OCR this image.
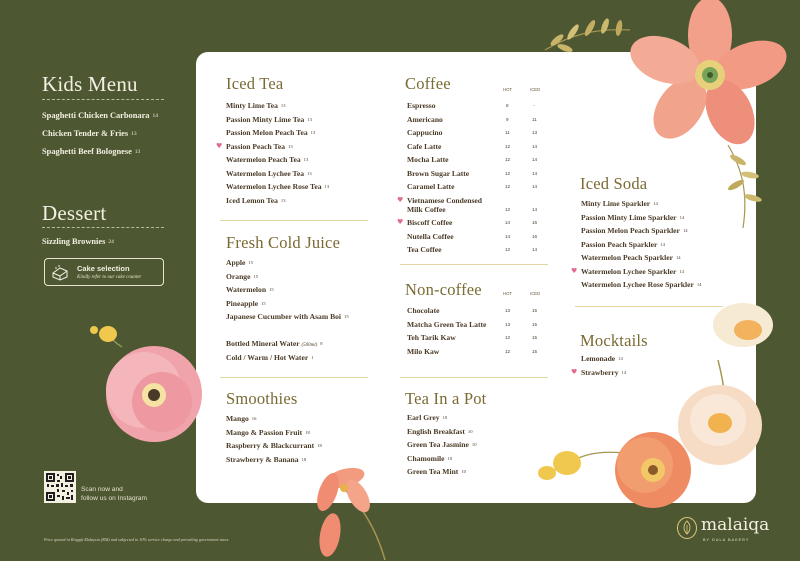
Kids Menu
Spaghetti Chicken Carbonara 14
Chicken Tender & Fries 13
Spaghetti Beef Bolognese 13
Dessert
Sizzling Brownies 24
Cake selection
Kindly refer to our cake counter
Scan now and
follow us on Instagram
Price quoted in Ringgit Malaysia (RM) and subjected to 10% service charge and prevailing government taxes.
malaiqa
BY DULA BAKERY
Iced Tea
Minty Lime Tea 13
Passion Minty Lime Tea 13
Passion Melon Peach Tea 13
♥ Passion Peach Tea 13
Watermelon Peach Tea 13
Watermelon Lychee Tea 13
Watermelon Lychee Rose Tea 13
Iced Lemon Tea 13
Fresh Cold Juice
Apple 15
Orange 15
Watermelon 15
Pineapple 15
Japanese Cucumber with Asam Boi 15
Bottled Mineral Water (500ml) 8
Cold / Warm / Hot Water 1
Smoothies
Mango 16
Mango & Passion Fruit 18
Raspberry & Blackcurrant 18
Strawberry & Banana 18
Coffee	HOT	ICED
Espresso	8	-
Americano	9	11
Cappucino	11	13
Cafe Latte	12	14
Mocha Latte	12	14
Brown Sugar Latte	12	14
Caramel Latte	12	14
♥ Vietnamese Condensed
Milk Coffee	12	14
♥ Biscoff Coffee	14	16
Nutella Coffee	14	16
Tea Coffee	12	14
Non-coffee	HOT	ICED
Chocolate	13	15
Matcha Green Tea Latte	13	15
Teh Tarik Kaw	12	15
Milo Kaw	12	15
Tea In a Pot
Earl Grey 10
English Breakfast 10
Green Tea Jasmine 10
Chamomile 10
Green Tea Mint 10
Iced Soda
Minty Lime Sparkler 14
Passion Minty Lime Sparkler 14
Passion Melon Peach Sparkler 14
Passion Peach Sparkler 14
Watermelon Peach Sparkler 14
♥ Watermelon Lychee Sparkler 14
Watermelon Lychee Rose Sparkler 14
Mocktails
Lemonade 14
♥ Strawberry 14
